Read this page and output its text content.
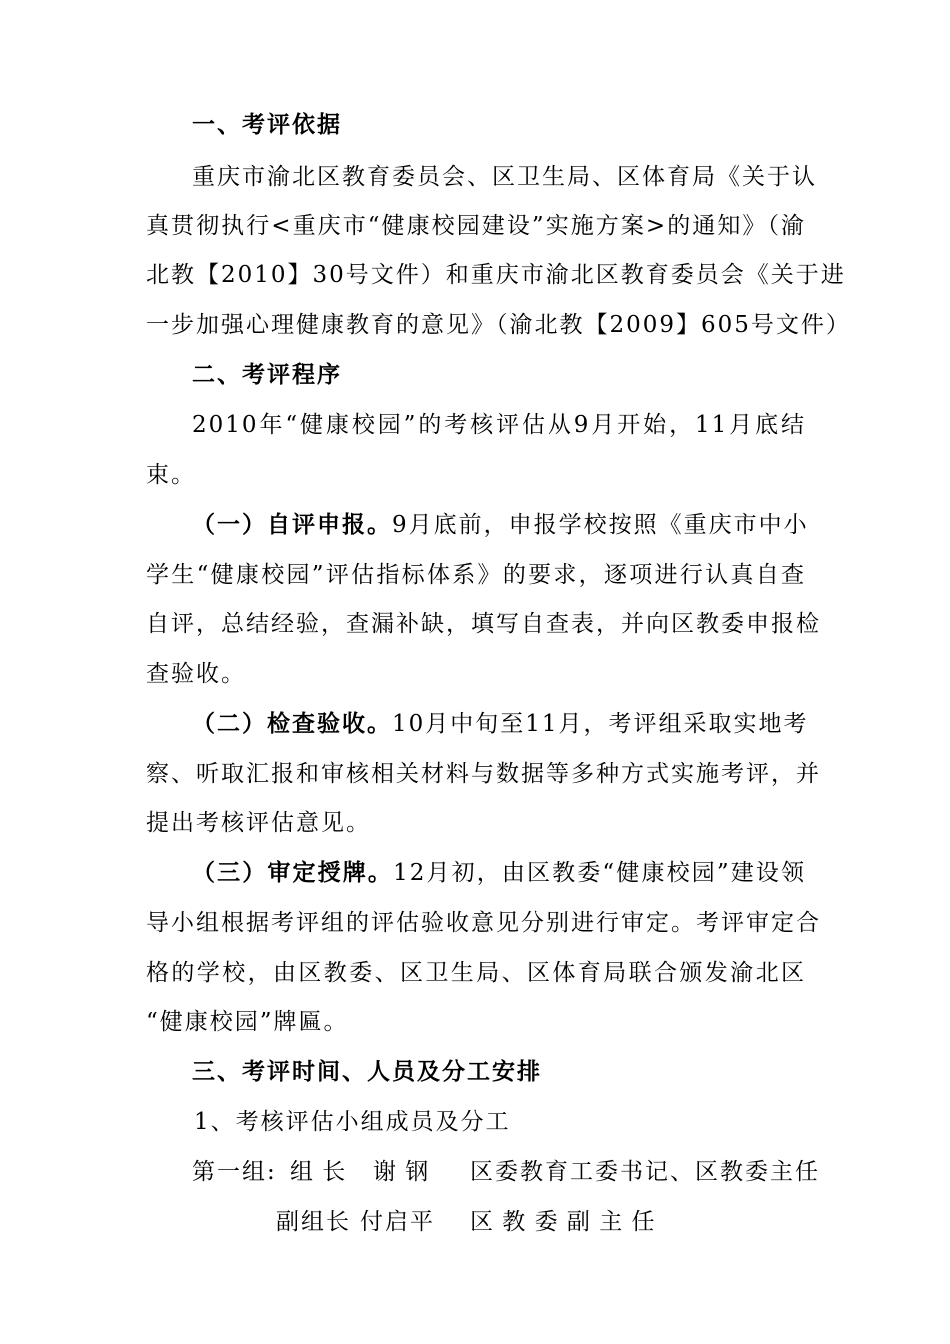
一、考评依据
重庆市渝北区教育委员会、区卫生局、区体育局《关于认
真贯彻执行<重庆市“健康校园建设”实施方案>的通知》（渝
北教【2010】30号文件）和重庆市渝北区教育委员会《关于进
一步加强心理健康教育的意见》（渝北教【2009】605号文件）
二、考评程序
2010年“健康校园”的考核评估从9月开始，11月底结
束。
（一）自评申报。9月底前，申报学校按照《重庆市中小
学生“健康校园”评估指标体系》的要求，逐项进行认真自查
自评，总结经验，查漏补缺，填写自查表，并向区教委申报检
查验收。
（二）检查验收。10月中旬至11月，考评组采取实地考
察、听取汇报和审核相关材料与数据等多种方式实施考评，并
提出考核评估意见。
（三）审定授牌。12月初，由区教委“健康校园”建设领
导小组根据考评组的评估验收意见分别进行审定。考评审定合
格的学校，由区教委、区卫生局、区体育局联合颁发渝北区
“健康校园”牌匾。
三、考评时间、人员及分工安排
1、考核评估小组成员及分工
第一组: 组 长 谢 钢 区委教育工委书记、区教委主任
副组长 付启平 区 教 委 副 主 任
